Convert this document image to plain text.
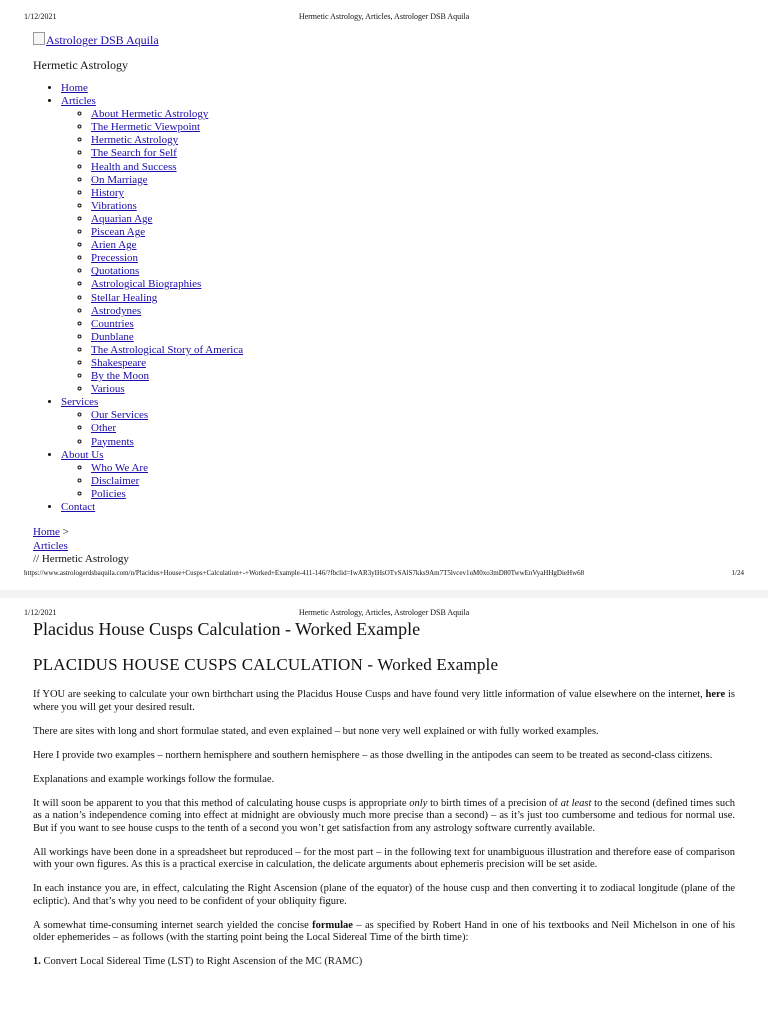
1/12/2021	Hermetic Astrology, Articles, Astrologer DSB Aquila
Astrologer DSB Aquila
Hermetic Astrology
• Home
• Articles
◦ About Hermetic Astrology
◦ The Hermetic Viewpoint
◦ Hermetic Astrology
◦ The Search for Self
◦ Health and Success
◦ On Marriage
◦ History
◦ Vibrations
◦ Aquarian Age
◦ Piscean Age
◦ Arien Age
◦ Precession
◦ Quotations
◦ Astrological Biographies
◦ Stellar Healing
◦ Astrodynes
◦ Countries
◦ Dunblane
◦ The Astrological Story of America
◦ Shakespeare
◦ By the Moon
◦ Various
• Services
◦ Our Services
◦ Other
◦ Payments
• About Us
◦ Who We Are
◦ Disclaimer
◦ Policies
• Contact
Home >
Articles
// Hermetic Astrology
https://www.astrologerdsbaquila.com/n/Placidus+House+Cusps+Calculation+-+Worked+Example-411-146/?fbclid=IwAR3yIHsOTvSAlS7kks9Am7T5lvcev1uM0xo3mD80TwwEnVyaHHgDieHw68	1/24
1/12/2021	Hermetic Astrology, Articles, Astrologer DSB Aquila
Placidus House Cusps Calculation - Worked Example
PLACIDUS HOUSE CUSPS CALCULATION - Worked Example

If YOU are seeking to calculate your own birthchart using the Placidus House Cusps and have found very little information of value elsewhere on the internet, here is where you will get your desired result.

There are sites with long and short formulae stated, and even explained – but none very well explained or with fully worked examples.

Here I provide two examples – northern hemisphere and southern hemisphere – as those dwelling in the antipodes can seem to be treated as second-class citizens.

Explanations and example workings follow the formulae.

It will soon be apparent to you that this method of calculating house cusps is appropriate only to birth times of a precision of at least to the second (defined times such as a nation’s independence coming into effect at midnight are obviously much more precise than a second) – as it’s just too cumbersome and tedious for normal use. But if you want to see house cusps to the tenth of a second you won’t get satisfaction from any astrology software currently available.

All workings have been done in a spreadsheet but reproduced – for the most part – in the following text for unambiguous illustration and therefore ease of comparison with your own figures. As this is a practical exercise in calculation, the delicate arguments about ephemeris precision will be set aside.

In each instance you are, in effect, calculating the Right Ascension (plane of the equator) of the house cusp and then converting it to zodiacal longitude (plane of the ecliptic). And that’s why you need to be confident of your obliquity figure.

A somewhat time-consuming internet search yielded the concise formulae – as specified by Robert Hand in one of his textbooks and Neil Michelson in one of his older ephemerides – as follows (with the starting point being the Local Sidereal Time of the birth time):

1. Convert Local Sidereal Time (LST) to Right Ascension of the MC (RAMC)
